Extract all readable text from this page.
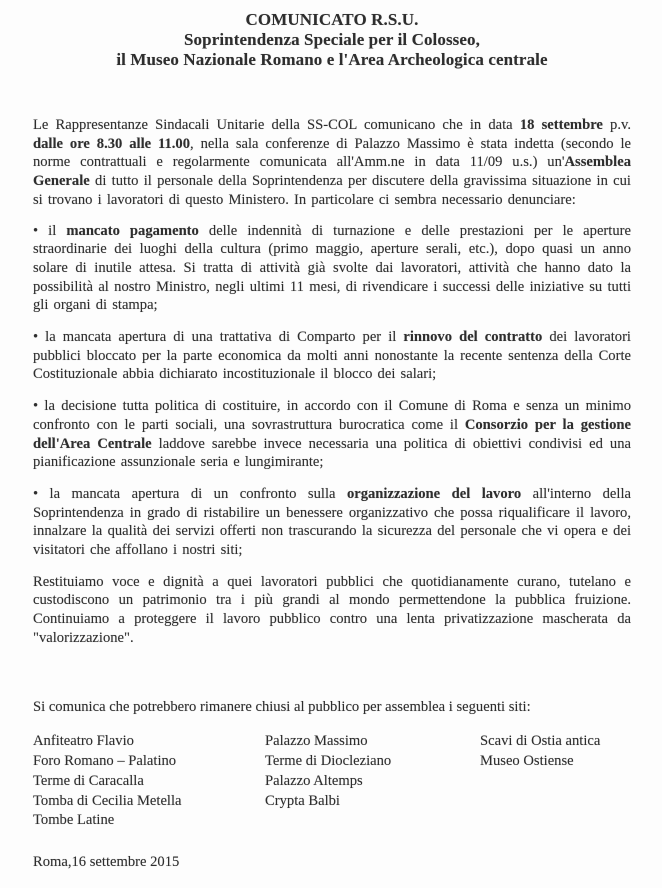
COMUNICATO R.S.U.
Soprintendenza Speciale per il Colosseo,
il Museo Nazionale Romano e l'Area Archeologica centrale

Le Rappresentanze Sindacali Unitarie della SS-COL comunicano che in data 18 settembre p.v. dalle ore 8.30 alle 11.00, nella sala conferenze di Palazzo Massimo è stata indetta (secondo le norme contrattuali e regolarmente comunicata all'Amm.ne in data 11/09 u.s.) un'Assemblea Generale di tutto il personale della Soprintendenza per discutere della gravissima situazione in cui si trovano i lavoratori di questo Ministero. In particolare ci sembra necessario denunciare:

• il mancato pagamento delle indennità di turnazione e delle prestazioni per le aperture straordinarie dei luoghi della cultura (primo maggio, aperture serali, etc.), dopo quasi un anno solare di inutile attesa. Si tratta di attività già svolte dai lavoratori, attività che hanno dato la possibilità al nostro Ministro, negli ultimi 11 mesi, di rivendicare i successi delle iniziative su tutti gli organi di stampa;

• la mancata apertura di una trattativa di Comparto per il rinnovo del contratto dei lavoratori pubblici bloccato per la parte economica da molti anni nonostante la recente sentenza della Corte Costituzionale abbia dichiarato incostituzionale il blocco dei salari;

• la decisione tutta politica di costituire, in accordo con il Comune di Roma e senza un minimo confronto con le parti sociali, una sovrastruttura burocratica come il Consorzio per la gestione dell'Area Centrale laddove sarebbe invece necessaria una politica di obiettivi condivisi ed una pianificazione assunzionale seria e lungimirante;

• la mancata apertura di un confronto sulla organizzazione del lavoro all'interno della Soprintendenza in grado di ristabilire un benessere organizzativo che possa riqualificare il lavoro, innalzare la qualità dei servizi offerti non trascurando la sicurezza del personale che vi opera e dei visitatori che affollano i nostri siti;

Restituiamo voce e dignità a quei lavoratori pubblici che quotidianamente curano, tutelano e custodiscono un patrimonio tra i più grandi al mondo permettendone la pubblica fruizione. Continuiamo a proteggere il lavoro pubblico contro una lenta privatizzazione mascherata da "valorizzazione".

Si comunica che potrebbero rimanere chiusi al pubblico per assemblea i seguenti siti:

Anfiteatro Flavio
Foro Romano – Palatino
Terme di Caracalla
Tomba di Cecilia Metella
Tombe Latine
Palazzo Massimo
Terme di Diocleziano
Palazzo Altemps
Crypta Balbi
Scavi di Ostia antica
Museo Ostiense

Roma,16 settembre 2015
